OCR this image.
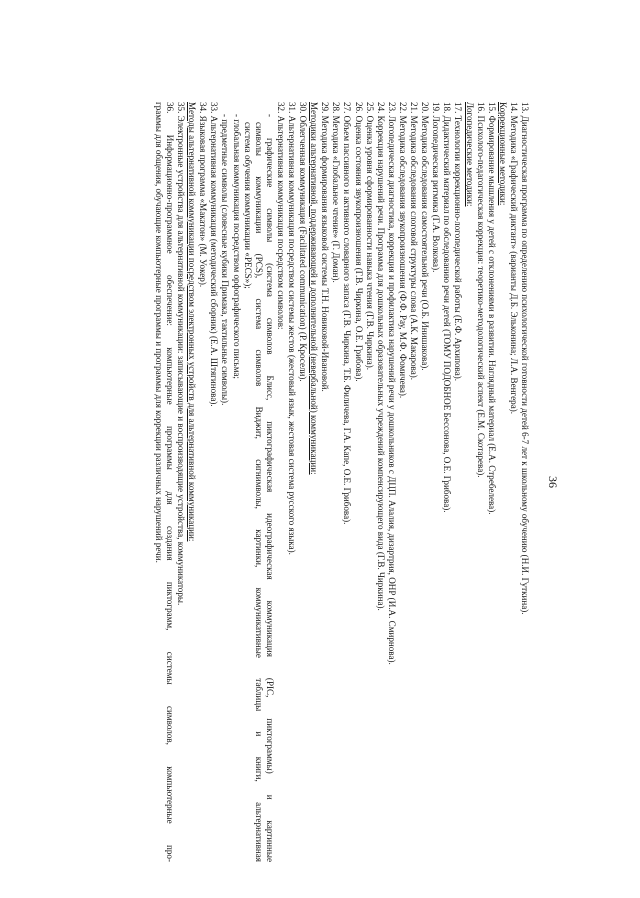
36
13. Диагностическая программа по определению психологической готовности детей 6-7 лет к школьному обучению (Н.И. Гуткина).
14. Методика «Графический диктант» (варианты Д.Б. Эльконина; Л.А. Венгера).
Коррекционные методики:
15. Формирование мышления у детей с отклонениями в развитии. Наглядный материал (Е.А. Стребелева).
16. Психолого-педагогическая коррекция: теоретико-методологический аспект (Е.М. Скотарева).
Логопедические методики:
17. Технологии коррекционно-логопедической работы (Е.Ф. Архипова).
18. Дидактический материал по обследованию речи детей (ТОМУ ПОДОБНОЕ Бессонова, О.Е. Грибова).
19. Логопедическая ритмика (Г.А. Волкова).
20. Методика обследования самостоятельной речи (О.Б. Инишакова).
21. Методика обследования слоговой структуры слова (А.К. Макарова).
22. Методика обследования звукопроизношения (Ф.Ф. Рау, М.Ф. Фомичева).
23. Логопедическая диагностика, коррекция и профилактика нарушений речи у дошкольников с ДЦП. Алалия, дизартрия, ОНР (И.А. Смирнова).
24. Коррекция нарушений речи. Программа для дошкольных образовательных учреждений компенсирующего вида (Г.В. Чиркина).
25. Оценка уровня сформированности навыка чтения (Г.В. Чиркина).
26. Оценка состояния звукопроизношения (Г.В. Чиркина, О.Е. Грибова).
27. Объем пассивного и активного словарного запаса (Г.В. Чиркина, Т.Б. Филичева, Г.А. Капе, О.Е. Грибова).
28. Методика «Глобальное чтение» (Г. Доман).
29. Методика формирования языковой системы Т.Н. Новиковой-Ивановой.
Методики альтернативной, поддерживающей и дополнительной (невербальной) коммуникации:
30. Облегченная коммуникация (Facilitated communication) (Р. Кросели).
31. Альтернативная коммуникация посредством системы жестов (жестовый язык, жестовая система русского языка).
32. Альтернативная коммуникация посредством символов:
- графические символы (система символов Блисс, пиктографическая идеографическая коммуникация (PIC, пиктограммы) и картинные
символы коммуникации (PCS), система символов Виджит, сигнимволы, картинки, коммуникативные таблицы и книги, альтернативная
система обучения коммуникации «PECS»);
- глобальная коммуникация посредством орфографического письма;
- предметные символы (словесные кубики Примака, тактильные символы).
33. Альтернативная коммуникация (методический сборник) (Е.А. Штягинова).
34. Языковая программа «Макатон» (М. Уокер).
Методы альтернативной коммуникации посредством электронных устройств для альтернативной коммуникации:
35. Электронные устройства для альтернативной коммуникации: записывающие и воспроизводящие устройства, коммуникаторы.
36. Информационно-программное обеспечение: компьютерные программы для создания пиктограмм, системы символов, компьютерные про-
граммы для общения, обучающие компьютерные программы и программы для коррекции различных нарушений речи.
